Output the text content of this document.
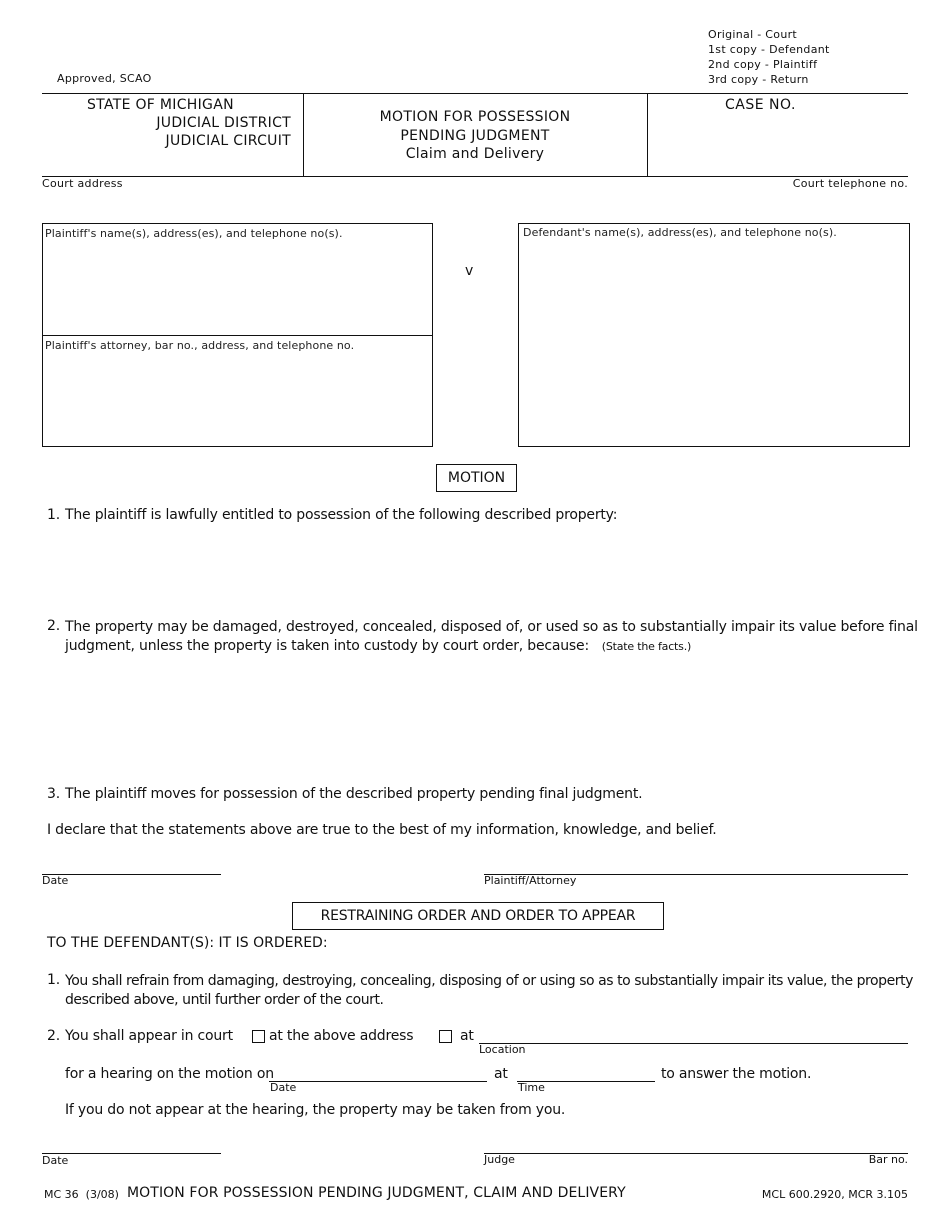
Original - Court
1st copy - Defendant
2nd copy - Plaintiff
3rd copy - Return
Approved, SCAO
STATE OF MICHIGAN
JUDICIAL DISTRICT
JUDICIAL CIRCUIT
MOTION FOR POSSESSION
PENDING JUDGMENT
Claim and Delivery
CASE NO.
Court address	Court telephone no.
Plaintiff's name(s), address(es), and telephone no(s).
Plaintiff's attorney, bar no., address, and telephone no.
v
Defendant's name(s), address(es), and telephone no(s).
MOTION
1. The plaintiff is lawfully entitled to possession of the following described property:
2. The property may be damaged, destroyed, concealed, disposed of, or used so as to substantially impair its value before final
judgment, unless the property is taken into custody by court order, because: (State the facts.)
3. The plaintiff moves for possession of the described property pending final judgment.
I declare that the statements above are true to the best of my information, knowledge, and belief.
Date	Plaintiff/Attorney
RESTRAINING ORDER AND ORDER TO APPEAR
TO THE DEFENDANT(S): IT IS ORDERED:
1. You shall refrain from damaging, destroying, concealing, disposing of or using so as to substantially impair its value, the property
described above, until further order of the court.
2. You shall appear in court	at the above address	at
Location
for a hearing on the motion on
Date
at
Time
to answer the motion.
If you do not appear at the hearing, the property may be taken from you.
Date	Judge	Bar no.
MC 36 (3/08) MOTION FOR POSSESSION PENDING JUDGMENT, CLAIM AND DELIVERY	MCL 600.2920, MCR 3.105
